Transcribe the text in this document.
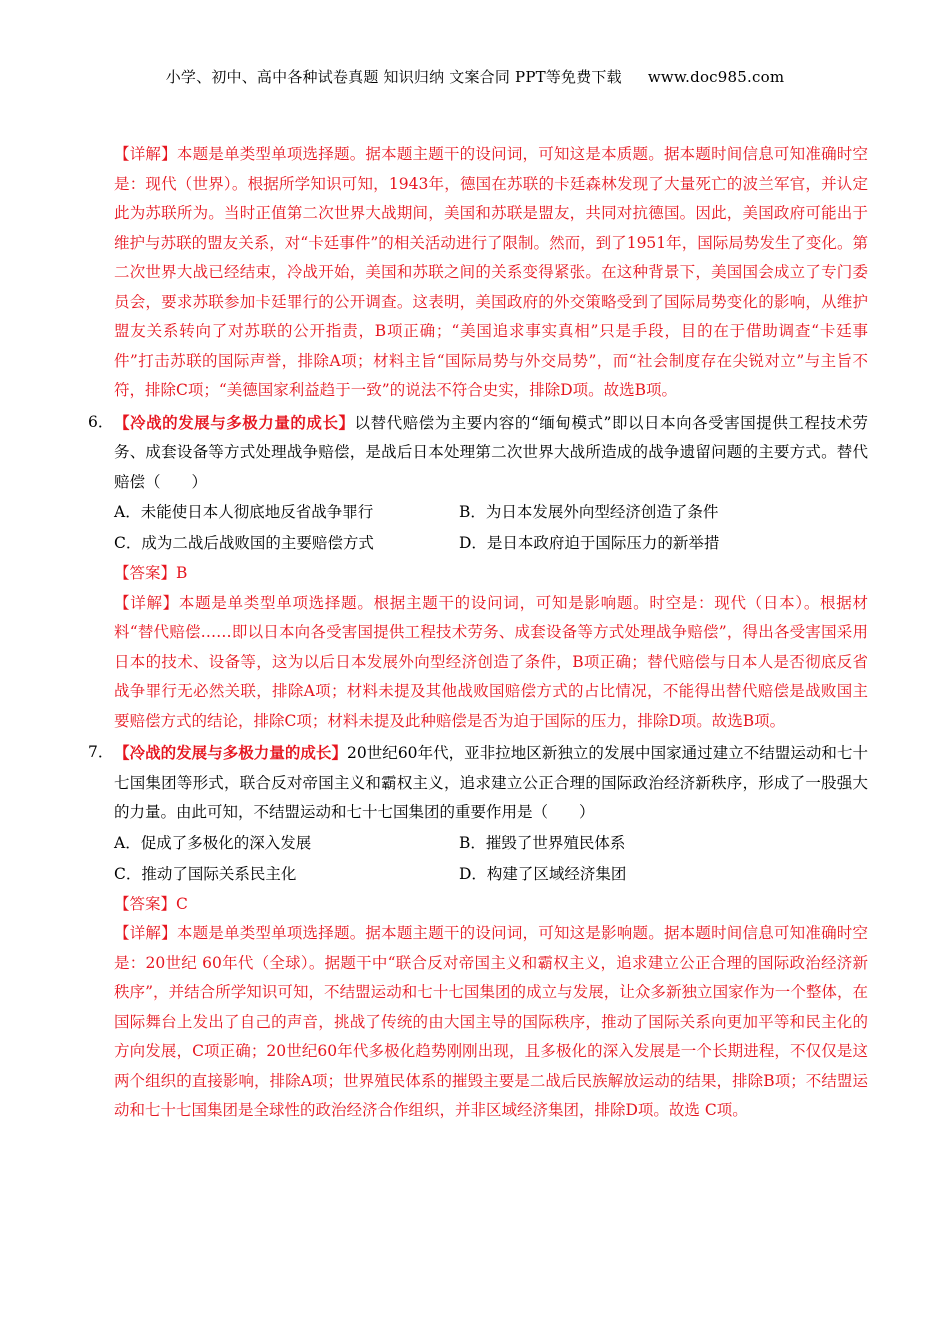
小学、初中、高中各种试卷真题 知识归纳 文案合同 PPT等免费下载 www.doc985.com
【详解】本题是单类型单项选择题。据本题主题干的设问词，可知这是本质题。据本题时间信息可知准确时空是：现代（世界）。根据所学知识可知，1943年，德国在苏联的卡廷森林发现了大量死亡的波兰军官，并认定此为苏联所为。当时正值第二次世界大战期间，美国和苏联是盟友，共同对抗德国。因此，美国政府可能出于维护与苏联的盟友关系，对“卡廷事件”的相关活动进行了限制。然而，到了1951年，国际局势发生了变化。第二次世界大战已经结束，冷战开始，美国和苏联之间的关系变得紧张。在这种背景下，美国国会成立了专门委员会，要求苏联参加卡廷罪行的公开调查。这表明，美国政府的外交策略受到了国际局势变化的影响，从维护盟友关系转向了对苏联的公开指责，B项正确；“美国追求事实真相”只是手段，目的在于借助调查“卡廷事件”打击苏联的国际声誉，排除A项；材料主旨“国际局势与外交局势”，而“社会制度存在尖锐对立”与主旨不符，排除C项；“美德国家利益趋于一致”的说法不符合史实，排除D项。故选B项。
6． 【冷战的发展与多极力量的成长】以替代赔偿为主要内容的“缅甸模式”即以日本向各受害国提供工程技术劳务、成套设备等方式处理战争赔偿，是战后日本处理第二次世界大战所造成的战争遗留问题的主要方式。替代赔偿（　　）
A．未能使日本人彻底地反省战争罪行	B．为日本发展外向型经济创造了条件
C．成为二战后战败国的主要赔偿方式	D．是日本政府迫于国际压力的新举措
【答案】B
【详解】本题是单类型单项选择题。根据主题干的设问词，可知是影响题。时空是：现代（日本）。根据材料“替代赔偿……即以日本向各受害国提供工程技术劳务、成套设备等方式处理战争赔偿”，得出各受害国采用日本的技术、设备等，这为以后日本发展外向型经济创造了条件，B项正确；替代赔偿与日本人是否彻底反省战争罪行无必然关联，排除A项；材料未提及其他战败国赔偿方式的占比情况，不能得出替代赔偿是战败国主要赔偿方式的结论，排除C项；材料未提及此种赔偿是否为迫于国际的压力，排除D项。故选B项。
7． 【冷战的发展与多极力量的成长】20世纪60年代，亚非拉地区新独立的发展中国家通过建立不结盟运动和七十七国集团等形式，联合反对帝国主义和霸权主义，追求建立公正合理的国际政治经济新秩序，形成了一股强大的力量。由此可知，不结盟运动和七十七国集团的重要作用是（　　）
A．促成了多极化的深入发展	B．摧毁了世界殖民体系
C．推动了国际关系民主化	D．构建了区域经济集团
【答案】C
【详解】本题是单类型单项选择题。据本题主题干的设问词，可知这是影响题。据本题时间信息可知准确时空是：20世纪 60年代（全球）。据题干中“联合反对帝国主义和霸权主义，追求建立公正合理的国际政治经济新秩序”，并结合所学知识可知，不结盟运动和七十七国集团的成立与发展，让众多新独立国家作为一个整体，在国际舞台上发出了自己的声音，挑战了传统的由大国主导的国际秩序，推动了国际关系向更加平等和民主化的方向发展，C项正确；20世纪60年代多极化趋势刚刚出现，且多极化的深入发展是一个长期进程，不仅仅是这两个组织的直接影响，排除A项；世界殖民体系的摧毁主要是二战后民族解放运动的结果，排除B项；不结盟运动和七十七国集团是全球性的政治经济合作组织，并非区域经济集团，排除D项。故选 C项。
